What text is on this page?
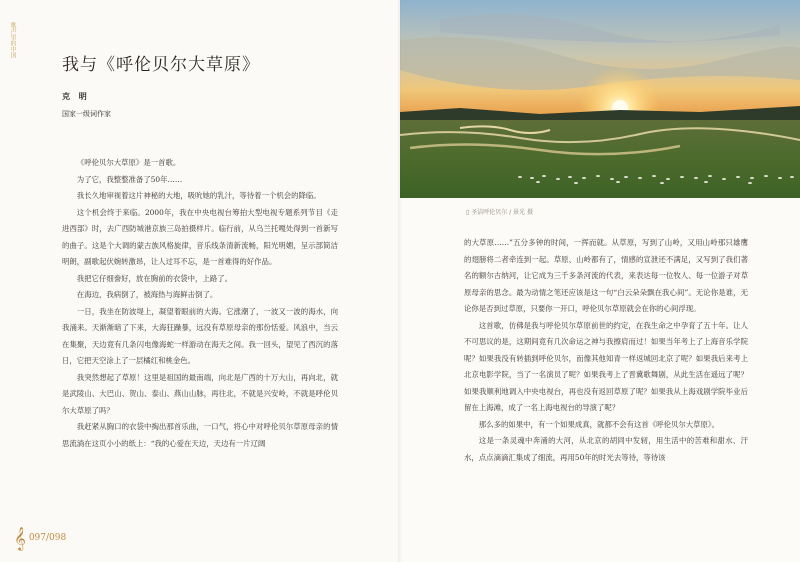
歌声里的中国
我与《呼伦贝尔大草原》
克 明
国家一级词作家

《呼伦贝尔大草原》是一首歌。

为了它，我整整准备了50年……

我长久地审视着这片神秘的大地，吸吮她的乳汁，等待着一个机会的降临。

这个机会终于来临。2000年，我在中央电视台筹拍大型电视专题系列节目《走进西部》时，去广西防城港京族三岛拍摄样片。临行前，从乌兰托嘎处得到一首新写的曲子。这是个大调的蒙古族风格旋律，音乐线条清新流畅，阳光明媚，呈示部简洁明朗，副歌起伏婉转激昂，让人过耳不忘，是一首难得的好作品。

我把它仔细誊好，放在胸前的衣袋中，上路了。

在海边，我病倒了，被海热与海鲜击倒了。

一日，我坐在防波堤上，凝望着眼前的大海。它涨潮了，一波又一波的海水，向我涌来。天渐渐暗了下来，大海狂躁暴，远没有草原母亲的那份恬爱。风浪中，当云在集聚，天边竟有几条闪电像海蛇一样游动在海天之间。我一回头，望见了西沉的落日，它把天空涂上了一层橘红和桃金色。

我突然想起了草原！这里是祖国的最南端，向北是广西的十万大山，再向北，就是武陵山、大巴山、贺山、泰山、燕山山脉，再往北，不就是兴安岭，不就是呼伦贝尔大草原了吗？

我赶紧从胸口的衣袋中掏出那首乐曲，一口气，将心中对呼伦贝尔草原母亲的情思流淌在这页小小的纸上：“我的心爱在天边，天边有一片辽阔

𝄞 097/098
▯ 圣洁呼伦贝尔 / 景光 摄

的大草原……”五分多钟的时间，一挥而就。从草原，写到了山岭，又用山岭那只雄鹰的翅膀将二者牵连到一起。草原、山岭都有了，情感的宣泄还不满足，又写到了我们著名的额尔古纳河，让它成为三千多条河流的代表，来表达每一位牧人、每一位游子对草原母亲的思念。最为动情之笔还应该是这一句“白云朵朵飘在我心间”。无论你是谁，无论你是否到过草原，只要你一开口，呼伦贝尔草原就会在你的心间浮现。

这首歌，仿佛是我与呼伦贝尔草原前世的约定，在我生命之中孕育了五十年。让人不可思议的是，这期间竟有几次命运之神与我擦肩而过！如果当年考上了上海音乐学院呢？如果我没有转插到呼伦贝尔，而像其他知青一样返城回北京了呢？如果我后来考上北京电影学院，当了一名演员了呢？如果我考上了晋冀歌舞剧，从此生活在遥远了呢？如果我顺利地调入中央电视台，再也没有返回草原了呢？如果我从上海戏剧学院毕业后留在上海滩，成了一名上海电视台的导演了呢？

那么多的如果中，有一个如果成真，就都不会有这首《呼伦贝尔大草原》。

这是一条灵魂中奔涌的大河，从北京的胡同中发轫，用生活中的苦难和甜水、汗水，点点滴滴汇集成了细流，再用50年的时光去等待，等待该
